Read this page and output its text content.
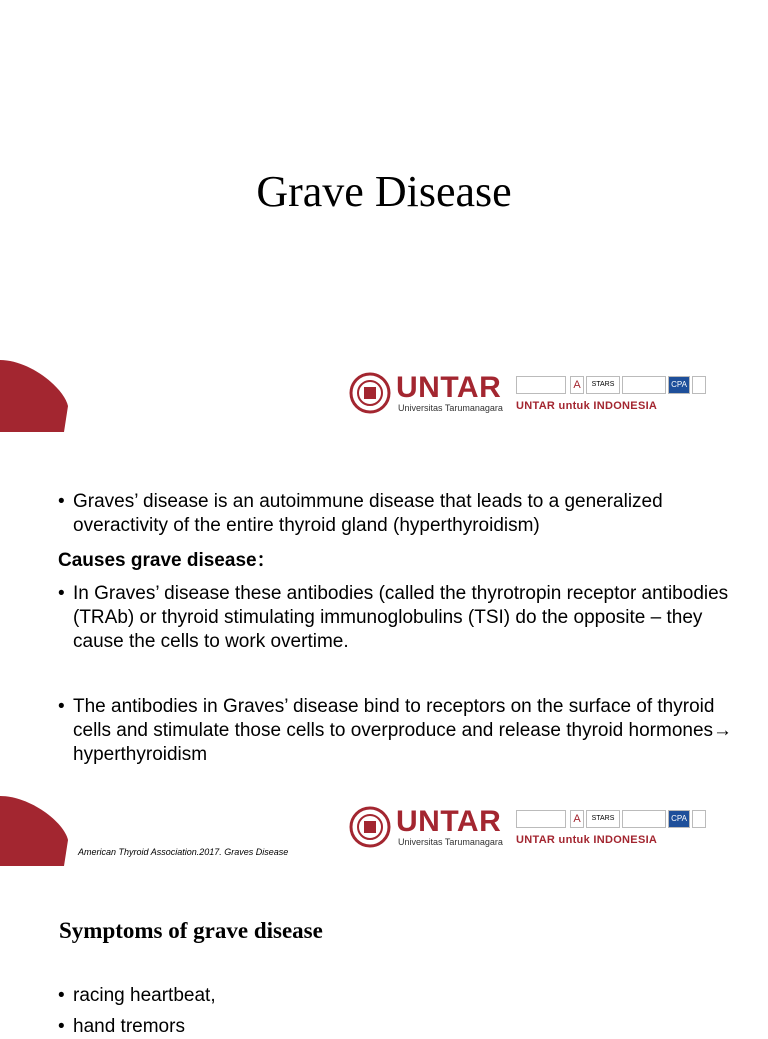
Grave Disease
UNTAR
Universitas Tarumanagara
A	STARS	CPA
UNTAR untuk INDONESIA
• Graves’ disease is an autoimmune disease that leads to a generalized overactivity of the entire thyroid gland (hyperthyroidism)
Causes grave disease：
• In Graves’ disease these antibodies (called the thyrotropin receptor antibodies (TRAb) or thyroid stimulating immunoglobulins (TSI) do the opposite – they cause the cells to work overtime.
• The antibodies in Graves’ disease bind to receptors on the surface of thyroid cells and stimulate those cells to overproduce and release thyroid hormones→ hyperthyroidism
UNTAR
Universitas Tarumanagara
A	STARS	CPA
UNTAR untuk INDONESIA
American Thyroid Association.2017. Graves Disease
Symptoms of grave disease
• racing heartbeat,
• hand tremors
